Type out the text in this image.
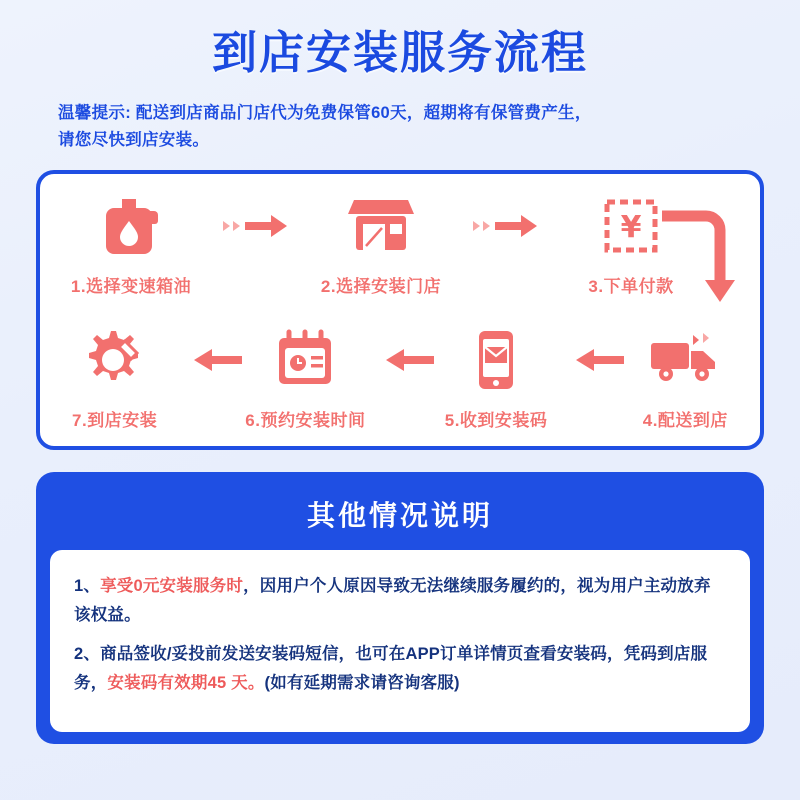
到店安装服务流程
温馨提示: 配送到店商品门店代为免费保管60天，超期将有保管费产生，
请您尽快到店安装。
1.选择变速箱油	2.选择安装门店
¥
3.下单付款
7.到店安装	6.预约安装时间	5.收到安装码	4.配送到店
其他情况说明

1、享受0元安装服务时，因用户个人原因导致无法继续服务履约的，视为用户主动放弃该权益。

2、商品签收/妥投前发送安装码短信，也可在APP订单详情页查看安装码，凭码到店服务，安装码有效期45 天。(如有延期需求请咨询客服)
